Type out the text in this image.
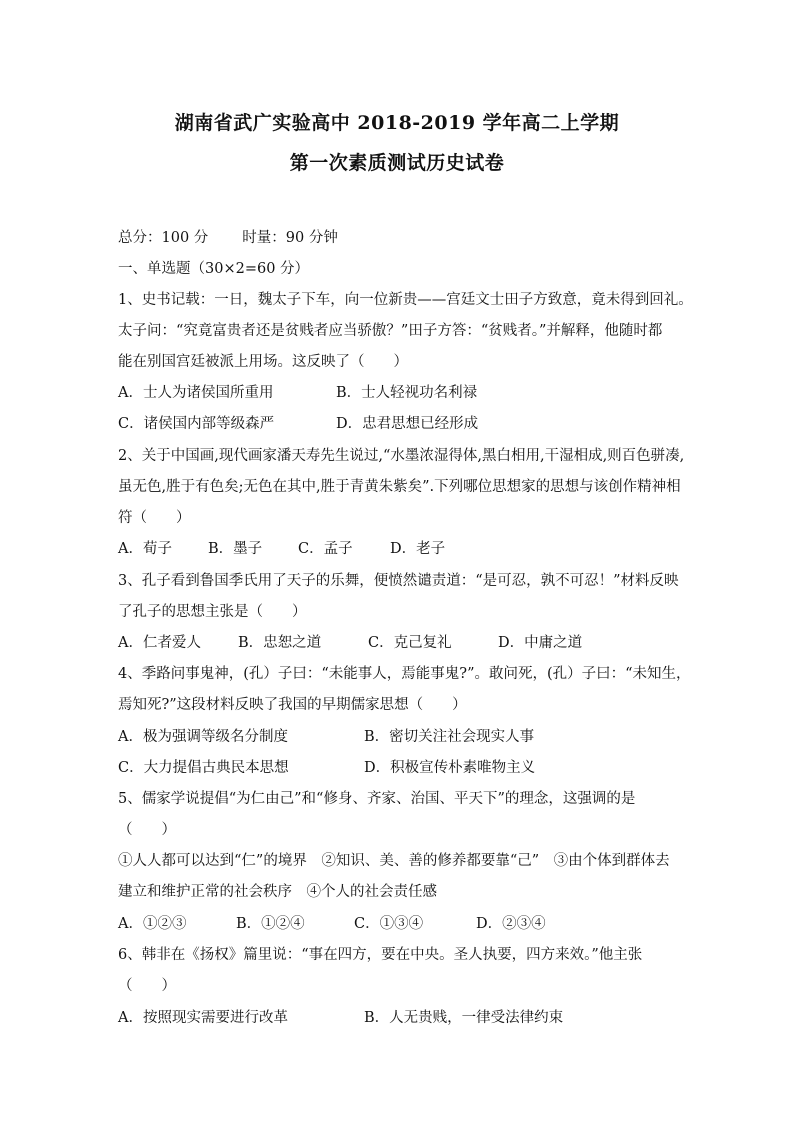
湖南省武广实验高中 2018-2019 学年高二上学期
第一次素质测试历史试卷
总分：100 分 时量：90 分钟
一、单选题（30×2=60 分）
1、史书记载：一日，魏太子下车，向一位新贵——宫廷文士田子方致意，竟未得到回礼。
太子问：“究竟富贵者还是贫贱者应当骄傲？”田子方答：“贫贱者。”并解释，他随时都
能在别国宫廷被派上用场。这反映了（　　）
A．士人为诸侯国所重用	B．士人轻视功名利禄
C．诸侯国内部等级森严	D．忠君思想已经形成
2、关于中国画,现代画家潘天寿先生说过,“水墨浓湿得体,黑白相用,干湿相成,则百色骈凑,
虽无色,胜于有色矣;无色在其中,胜于青黄朱紫矣”.下列哪位思想家的思想与该创作精神相
符（　　）
A．荀子 B．墨子 C．孟子	D．老子
3、孔子看到鲁国季氏用了天子的乐舞，便愤然谴责道：“是可忍，孰不可忍！”材料反映
了孔子的思想主张是（　　）
A．仁者爱人	B．忠恕之道	C．克己复礼	D．中庸之道
4、季路问事鬼神，(孔）子曰：“未能事人，焉能事鬼?”。敢问死，(孔）子曰：“未知生，
焉知死?”这段材料反映了我国的早期儒家思想（　　）
A．极为强调等级名分制度	B．密切关注社会现实人事
C．大力提倡古典民本思想	D．积极宣传朴素唯物主义
5、儒家学说提倡“为仁由己”和“修身、齐家、治国、平天下”的理念，这强调的是
（　　）
①人人都可以达到“仁”的境界　②知识、美、善的修养都要靠“己”　③由个体到群体去
建立和维护正常的社会秩序　④个人的社会责任感
A．①②③	B．①②④	C．①③④	D．②③④
6、韩非在《扬权》篇里说：“事在四方，要在中央。圣人执要，四方来效。”他主张
（　　）
A．按照现实需要进行改革	B．人无贵贱，一律受法律约束
